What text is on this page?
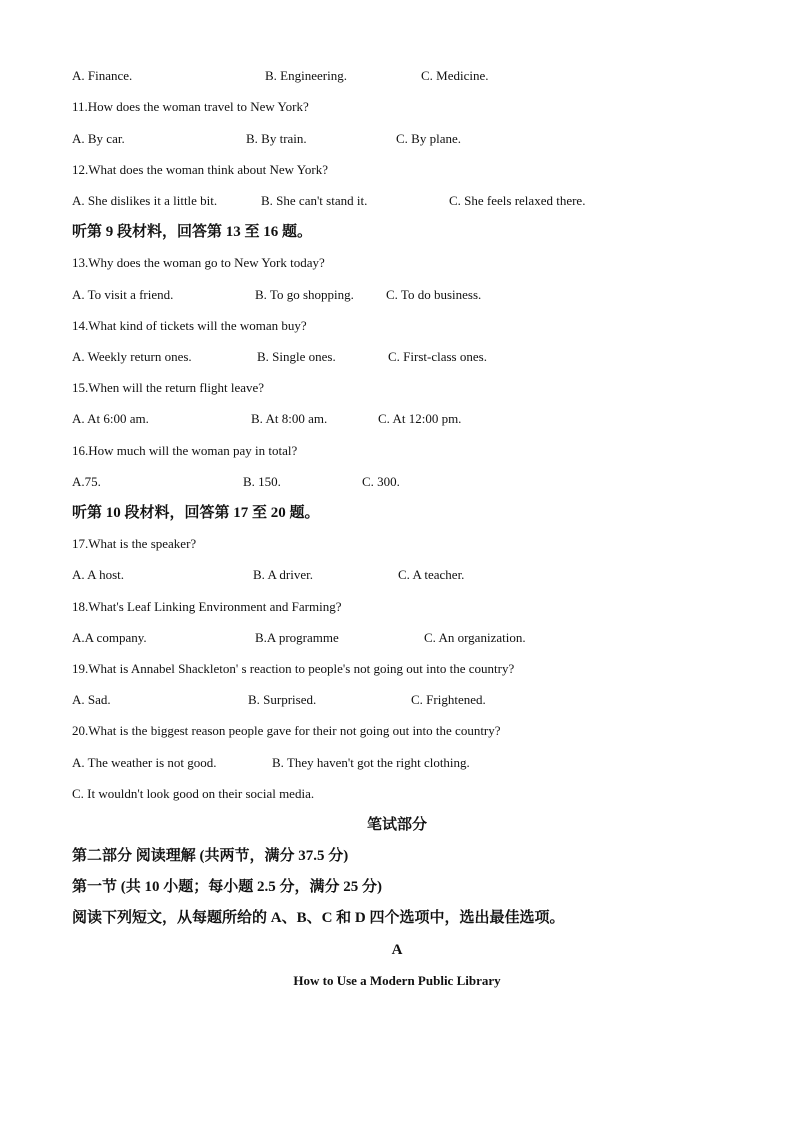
A. Finance.	B. Engineering.	C. Medicine.
11.How does the woman travel to New York?
A. By car.	B. By train.	C. By plane.
12.What does the woman think about New York?
A. She dislikes it a little bit.	B. She can't stand it.	C. She feels relaxed there.
听第 9 段材料，回答第 13 至 16 题。
13.Why does the woman go to New York today?
A. To visit a friend.	B. To go shopping. C. To do business.
14.What kind of tickets will the woman buy?
A. Weekly return ones.	B. Single ones.	C. First-class ones.
15.When will the return flight leave?
A. At 6:00 am.	B. At 8:00 am.	C. At 12:00 pm.
16.How much will the woman pay in total?
A.75.	B. 150.	C. 300.
听第 10 段材料，回答第 17 至 20 题。
17.What is the speaker?
A. A host.	B. A driver.	C. A teacher.
18.What's Leaf Linking Environment and Farming?
A.A company.	B.A programme	C. An organization.
19.What is Annabel Shackleton' s reaction to people's not going out into the country?
A. Sad.	B. Surprised.	C. Frightened.
20.What is the biggest reason people gave for their not going out into the country?
A. The weather is not good.	B. They haven't got the right clothing.
C. It wouldn't look good on their social media.
笔试部分
第二部分 阅读理解 (共两节，满分 37.5 分)
第一节 (共 10 小题；每小题 2.5 分，满分 25 分)
阅读下列短文，从每题所给的 A、B、C 和 D 四个选项中，选出最佳选项。
A
How to Use a Modern Public Library
